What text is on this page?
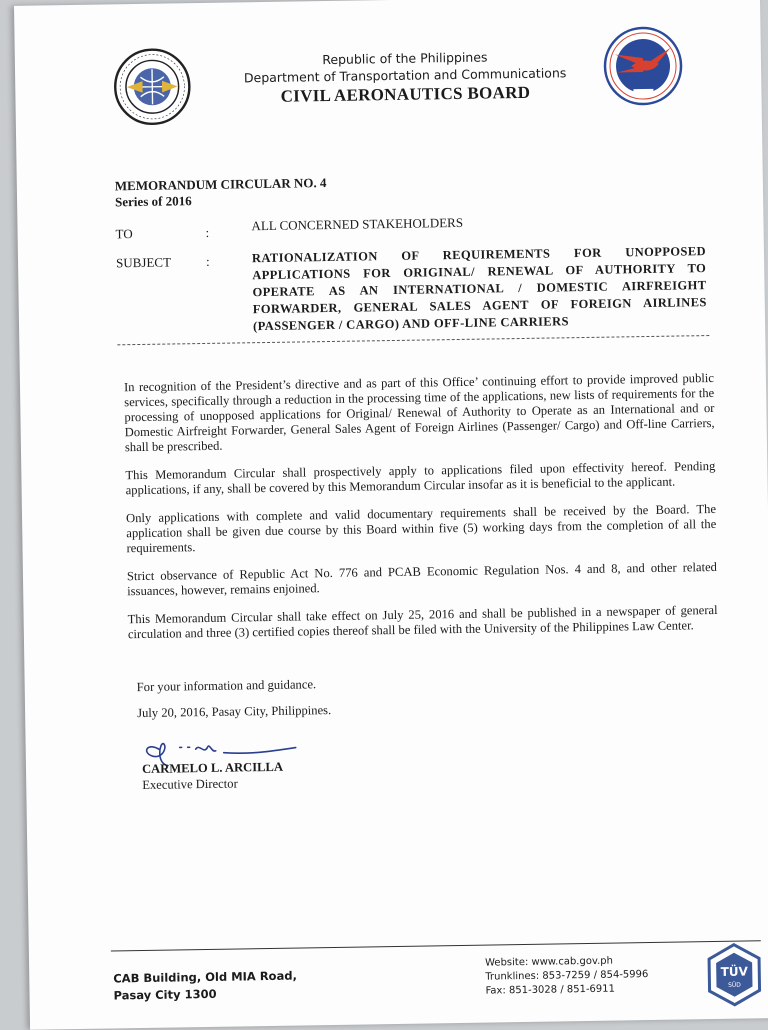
Republic of the Philippines
Department of Transportation and Communications
CIVIL AERONAUTICS BOARD
MEMORANDUM CIRCULAR NO. 4
Series of 2016
TO	:	ALL CONCERNED STAKEHOLDERS
SUBJECT	:	RATIONALIZATION OF REQUIREMENTS FOR UNOPPOSED APPLICATIONS FOR ORIGINAL/ RENEWAL OF AUTHORITY TO OPERATE AS AN INTERNATIONAL / DOMESTIC AIRFREIGHT FORWARDER, GENERAL SALES AGENT OF FOREIGN AIRLINES (PASSENGER / CARGO) AND OFF-LINE CARRIERS

In recognition of the President’s directive and as part of this Office’ continuing effort to provide improved public services, specifically through a reduction in the processing time of the applications, new lists of requirements for the processing of unopposed applications for Original/ Renewal of Authority to Operate as an International and or Domestic Airfreight Forwarder, General Sales Agent of Foreign Airlines (Passenger/ Cargo) and Off-line Carriers, shall be prescribed.

This Memorandum Circular shall prospectively apply to applications filed upon effectivity hereof. Pending applications, if any, shall be covered by this Memorandum Circular insofar as it is beneficial to the applicant.

Only applications with complete and valid documentary requirements shall be received by the Board. The application shall be given due course by this Board within five (5) working days from the completion of all the requirements.

Strict observance of Republic Act No. 776 and PCAB Economic Regulation Nos. 4 and 8, and other related issuances, however, remains enjoined.

This Memorandum Circular shall take effect on July 25, 2016 and shall be published in a newspaper of general circulation and three (3) certified copies thereof shall be filed with the University of the Philippines Law Center.

For your information and guidance.
July 20, 2016, Pasay City, Philippines.
CARMELO L. ARCILLA
Executive Director
CAB Building, Old MIA Road,
Pasay City 1300
Website: www.cab.gov.ph
Trunklines: 853-7259 / 854-5996
Fax: 851-3028 / 851-6911
TÜV
SÜD
